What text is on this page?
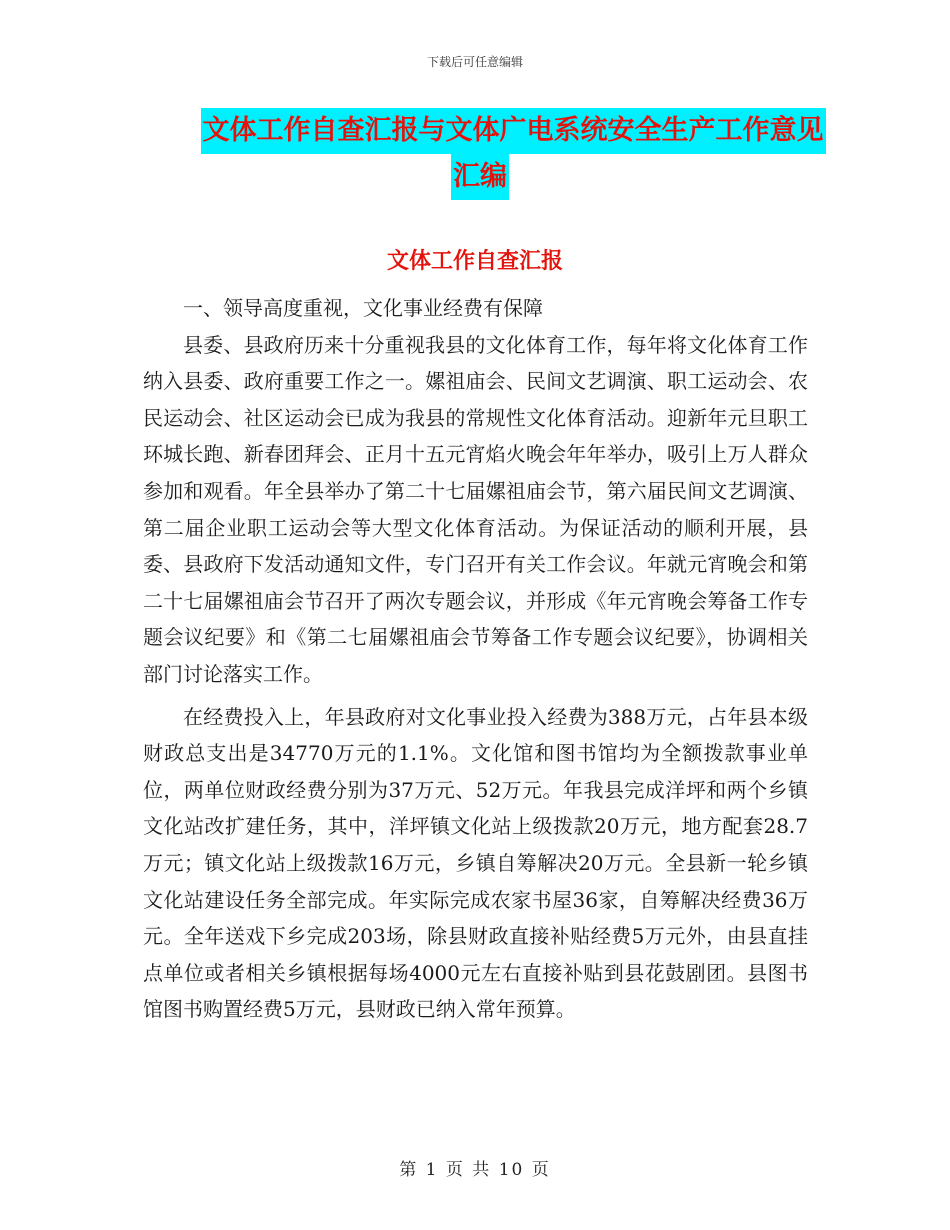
下载后可任意编辑
文体工作自查汇报与文体广电系统安全生产工作意见
汇编
文体工作自查汇报

一、领导高度重视，文化事业经费有保障

县委、县政府历来十分重视我县的文化体育工作，每年将文化体育工作纳入县委、政府重要工作之一。嫘祖庙会、民间文艺调演、职工运动会、农民运动会、社区运动会已成为我县的常规性文化体育活动。迎新年元旦职工环城长跑、新春团拜会、正月十五元宵焰火晚会年年举办，吸引上万人群众参加和观看。年全县举办了第二十七届嫘祖庙会节，第六届民间文艺调演、第二届企业职工运动会等大型文化体育活动。为保证活动的顺利开展，县委、县政府下发活动通知文件，专门召开有关工作会议。年就元宵晚会和第二十七届嫘祖庙会节召开了两次专题会议，并形成《年元宵晚会筹备工作专题会议纪要》和《第二七届嫘祖庙会节筹备工作专题会议纪要》，协调相关部门讨论落实工作。

在经费投入上，年县政府对文化事业投入经费为388万元，占年县本级财政总支出是34770万元的1.1%。文化馆和图书馆均为全额拨款事业单位，两单位财政经费分别为37万元、52万元。年我县完成洋坪和两个乡镇文化站改扩建任务，其中，洋坪镇文化站上级拨款20万元，地方配套28.7万元；镇文化站上级拨款16万元，乡镇自筹解决20万元。全县新一轮乡镇文化站建设任务全部完成。年实际完成农家书屋36家，自筹解决经费36万元。全年送戏下乡完成203场，除县财政直接补贴经费5万元外，由县直挂点单位或者相关乡镇根据每场4000元左右直接补贴到县花鼓剧团。县图书馆图书购置经费5万元，县财政已纳入常年预算。

第 1 页 共 10 页
